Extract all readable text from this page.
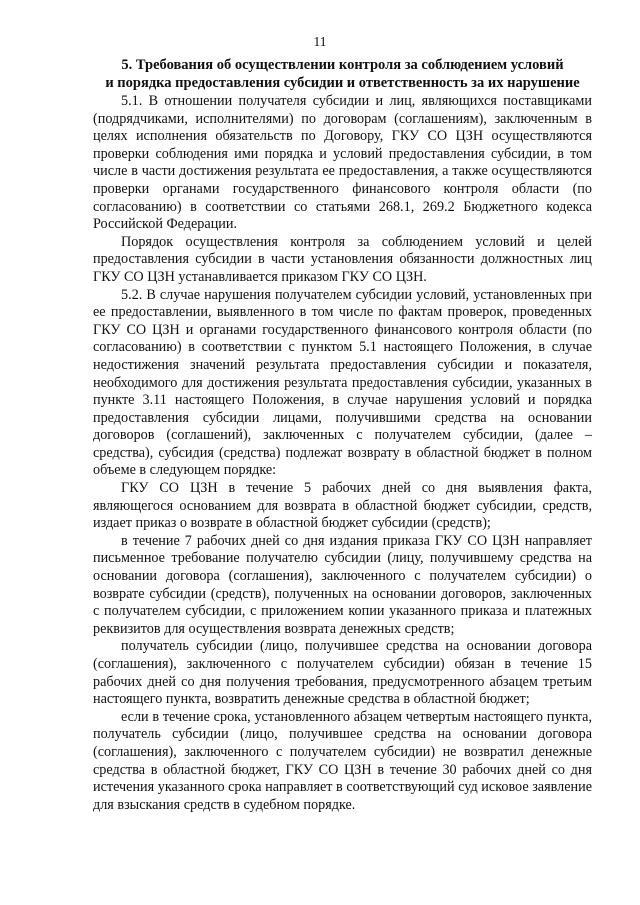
11
5. Требования об осуществлении контроля за соблюдением условий
и порядка предоставления субсидии и ответственность за их нарушение

5.1. В отношении получателя субсидии и лиц, являющихся поставщиками (подрядчиками, исполнителями) по договорам (соглашениям), заключенным в целях исполнения обязательств по Договору, ГКУ СО ЦЗН осуществляются проверки соблюдения ими порядка и условий предоставления субсидии, в том числе в части достижения результата ее предоставления, а также осуществляются проверки органами государственного финансового контроля области (по согласованию) в соответствии со статьями 268.1, 269.2 Бюджетного кодекса Российской Федерации.

Порядок осуществления контроля за соблюдением условий и целей предоставления субсидии в части установления обязанности должностных лиц ГКУ СО ЦЗН устанавливается приказом ГКУ СО ЦЗН.

5.2. В случае нарушения получателем субсидии условий, установленных при ее предоставлении, выявленного в том числе по фактам проверок, проведенных ГКУ СО ЦЗН и органами государственного финансового контроля области (по согласованию) в соответствии с пунктом 5.1 настоящего Положения, в случае недостижения значений результата предоставления субсидии и показателя, необходимого для достижения результата предоставления субсидии, указанных в пункте 3.11 настоящего Положения, в случае нарушения условий и порядка предоставления субсидии лицами, получившими средства на основании договоров (соглашений), заключенных с получателем субсидии, (далее – средства), субсидия (средства) подлежат возврату в областной бюджет в полном объеме в следующем порядке:

ГКУ СО ЦЗН в течение 5 рабочих дней со дня выявления факта, являющегося основанием для возврата в областной бюджет субсидии, средств, издает приказ о возврате в областной бюджет субсидии (средств);

в течение 7 рабочих дней со дня издания приказа ГКУ СО ЦЗН направляет письменное требование получателю субсидии (лицу, получившему средства на основании договора (соглашения), заключенного с получателем субсидии) о возврате субсидии (средств), полученных на основании договоров, заключенных с получателем субсидии, с приложением копии указанного приказа и платежных реквизитов для осуществления возврата денежных средств;

получатель субсидии (лицо, получившее средства на основании договора (соглашения), заключенного с получателем субсидии) обязан в течение 15 рабочих дней со дня получения требования, предусмотренного абзацем третьим настоящего пункта, возвратить денежные средства в областной бюджет;

если в течение срока, установленного абзацем четвертым настоящего пункта, получатель субсидии (лицо, получившее средства на основании договора (соглашения), заключенного с получателем субсидии) не возвратил денежные средства в областной бюджет, ГКУ СО ЦЗН в течение 30 рабочих дней со дня истечения указанного срока направляет в соответствующий суд исковое заявление для взыскания средств в судебном порядке.
